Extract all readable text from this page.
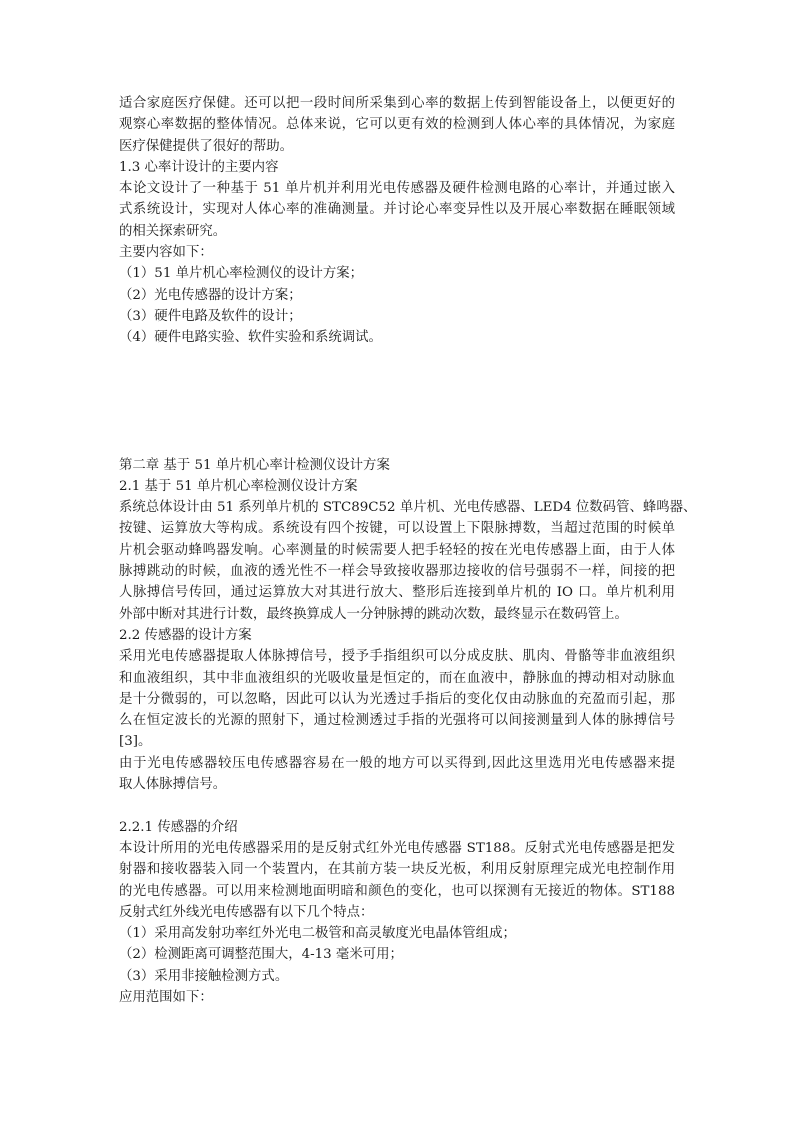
适合家庭医疗保健。还可以把一段时间所采集到心率的数据上传到智能设备上，以便更好的
观察心率数据的整体情况。总体来说，它可以更有效的检测到人体心率的具体情况，为家庭
医疗保健提供了很好的帮助。
1.3 心率计设计的主要内容
本论文设计了一种基于 51 单片机并利用光电传感器及硬件检测电路的心率计，并通过嵌入
式系统设计，实现对人体心率的准确测量。并讨论心率变异性以及开展心率数据在睡眠领域
的相关探索研究。
主要内容如下：
（1）51 单片机心率检测仪的设计方案；
（2）光电传感器的设计方案；
（3）硬件电路及软件的设计；
（4）硬件电路实验、软件实验和系统调试。
第二章 基于 51 单片机心率计检测仪设计方案
2.1 基于 51 单片机心率检测仪设计方案
系统总体设计由 51 系列单片机的 STC89C52 单片机、光电传感器、LED4 位数码管、蜂鸣器、
按键、运算放大等构成。系统设有四个按键，可以设置上下限脉搏数，当超过范围的时候单
片机会驱动蜂鸣器发响。心率测量的时候需要人把手轻轻的按在光电传感器上面，由于人体
脉搏跳动的时候，血液的透光性不一样会导致接收器那边接收的信号强弱不一样，间接的把
人脉搏信号传回，通过运算放大对其进行放大、整形后连接到单片机的 IO 口。单片机利用
外部中断对其进行计数，最终换算成人一分钟脉搏的跳动次数，最终显示在数码管上。
2.2 传感器的设计方案
采用光电传感器提取人体脉搏信号，授予手指组织可以分成皮肤、肌肉、骨骼等非血液组织
和血液组织，其中非血液组织的光吸收量是恒定的，而在血液中，静脉血的搏动相对动脉血
是十分微弱的，可以忽略，因此可以认为光透过手指后的变化仅由动脉血的充盈而引起，那
么在恒定波长的光源的照射下，通过检测透过手指的光强将可以间接测量到人体的脉搏信号
[3]。
由于光电传感器较压电传感器容易在一般的地方可以买得到,因此这里选用光电传感器来提
取人体脉搏信号。
2.2.1 传感器的介绍
本设计所用的光电传感器采用的是反射式红外光电传感器 ST188。反射式光电传感器是把发
射器和接收器装入同一个装置内，在其前方装一块反光板，利用反射原理完成光电控制作用
的光电传感器。可以用来检测地面明暗和颜色的变化，也可以探测有无接近的物体。ST188
反射式红外线光电传感器有以下几个特点：
（1）采用高发射功率红外光电二极管和高灵敏度光电晶体管组成；
（2）检测距离可调整范围大，4-13 毫米可用；
（3）采用非接触检测方式。
应用范围如下：
